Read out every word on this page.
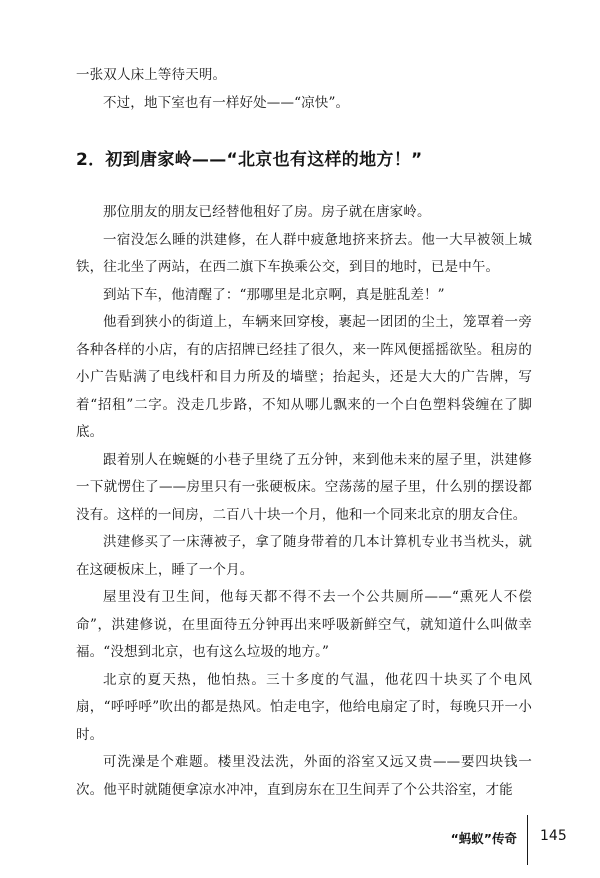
一张双人床上等待天明。

不过，地下室也有一样好处——“凉快”。

2．初到唐家岭——“北京也有这样的地方！”

那位朋友的朋友已经替他租好了房。房子就在唐家岭。

一宿没怎么睡的洪建修，在人群中疲惫地挤来挤去。他一大早被领上城铁，往北坐了两站，在西二旗下车换乘公交，到目的地时，已是中午。

到站下车，他清醒了：“那哪里是北京啊，真是脏乱差！”

他看到狭小的街道上，车辆来回穿梭，裹起一团团的尘土，笼罩着一旁各种各样的小店，有的店招牌已经挂了很久，来一阵风便摇摇欲坠。租房的小广告贴满了电线杆和目力所及的墙壁；抬起头，还是大大的广告牌，写着“招租”二字。没走几步路，不知从哪儿飘来的一个白色塑料袋缠在了脚底。

跟着别人在蜿蜒的小巷子里绕了五分钟，来到他未来的屋子里，洪建修一下就愣住了——房里只有一张硬板床。空荡荡的屋子里，什么别的摆设都没有。这样的一间房，二百八十块一个月，他和一个同来北京的朋友合住。

洪建修买了一床薄被子，拿了随身带着的几本计算机专业书当枕头，就在这硬板床上，睡了一个月。

屋里没有卫生间，他每天都不得不去一个公共厕所——“熏死人不偿命”，洪建修说，在里面待五分钟再出来呼吸新鲜空气，就知道什么叫做幸福。“没想到北京，也有这么垃圾的地方。”

北京的夏天热，他怕热。三十多度的气温，他花四十块买了个电风扇，“呼呼呼”吹出的都是热风。怕走电字，他给电扇定了时，每晚只开一小时。

可洗澡是个难题。楼里没法洗，外面的浴室又远又贵——要四块钱一次。他平时就随便拿凉水冲冲，直到房东在卫生间弄了个公共浴室，才能

“蚂蚁”传奇 145
